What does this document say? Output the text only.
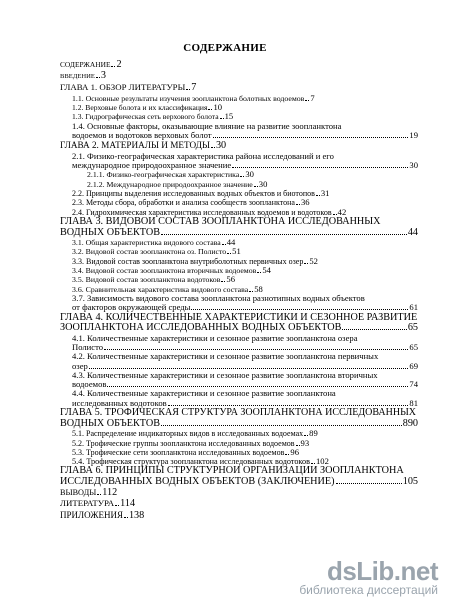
СОДЕРЖАНИЕ
СОДЕРЖАНИЕ 2
ВВЕДЕНИЕ 3
ГЛАВА 1. ОБЗОР ЛИТЕРАТУРЫ 7
1.1. Основные результаты изучения зоопланктона болотных водоемов 7
1.2. Верховые болота и их классификация 10
1.3. Гидрографическая сеть верхового болота 15
1.4. Основные факторы, оказывающие влияние на развитие зоопланктона
водоемов и водотоков верховых болот	19
ГЛАВА 2. МАТЕРИАЛЫ И МЕТОДЫ 30
2.1. Физико-географическая характеристика района исследований и его
международное природоохранное значение	30
2.1.1. Физико-географическая характеристика 30
2.1.2. Международное природоохранное значение 30
2.2. Принципы выделения исследованных водных объектов и биотопов 31
2.3. Методы сбора, обработки и анализа сообществ зоопланктона 36
2.4. Гидрохимическая характеристика исследованных водоемов и водотоков 42
ГЛАВА 3. ВИДОВОЙ СОСТАВ ЗООПЛАНКТОНА ИССЛЕДОВАННЫХ
ВОДНЫХ ОБЪЕКТОВ	44
3.1. Общая характеристика видового состава 44
3.2. Видовой состав зоопланктона оз. Полисто 51
3.3. Видовой состав зоопланктона внутриболотных первичных озер 52
3.4. Видовой состав зоопланктона вторичных водоемов 54
3.5. Видовой состав зоопланктона водотоков 56
3.6. Сравнительная характеристика видового состава 58
3.7. Зависимость видового состава зоопланктона разнотипных водных объектов
от факторов окружающей среды	61
ГЛАВА 4. КОЛИЧЕСТВЕННЫЕ ХАРАКТЕРИСТИКИ И СЕЗОННОЕ РАЗВИТИЕ
ЗООПЛАНКТОНА ИССЛЕДОВАННЫХ ВОДНЫХ ОБЪЕКТОВ	65
4.1. Количественные характеристики и сезонное развитие зоопланктона озера
Полисто	65
4.2. Количественные характеристики и сезонное развитие зоопланктона первичных
озер	69
4.3. Количественные характеристики и сезонное развитие зоопланктона вторичных
водоемов	74
4.4. Количественные характеристики и сезонное развитие зоопланктона
исследованных водотоков	81
ГЛАВА 5. ТРОФИЧЕСКАЯ СТРУКТУРА ЗООПЛАНКТОНА ИССЛЕДОВАННЫХ
ВОДНЫХ ОБЪЕКТОВ	890
5.1. Распределение индикаторных видов в исследованных водоемах 89
5.2. Трофические группы зоопланктона исследованных водоемов 93
5.3. Трофические сети зоопланктона исследованных водоемов 96
5.4. Трофическая структура зоопланктона исследованных водотоков 102
ГЛАВА 6. ПРИНЦИПЫ СТРУКТУРНОЙ ОРГАНИЗАЦИИ ЗООПЛАНКТОНА
ИССЛЕДОВАННЫХ ВОДНЫХ ОБЪЕКТОВ (ЗАКЛЮЧЕНИЕ)	105
ВЫВОДЫ 112
ЛИТЕРАТУРА 114
ПРИЛОЖЕНИЯ 138
dsLib.net
библиотека диссертаций
